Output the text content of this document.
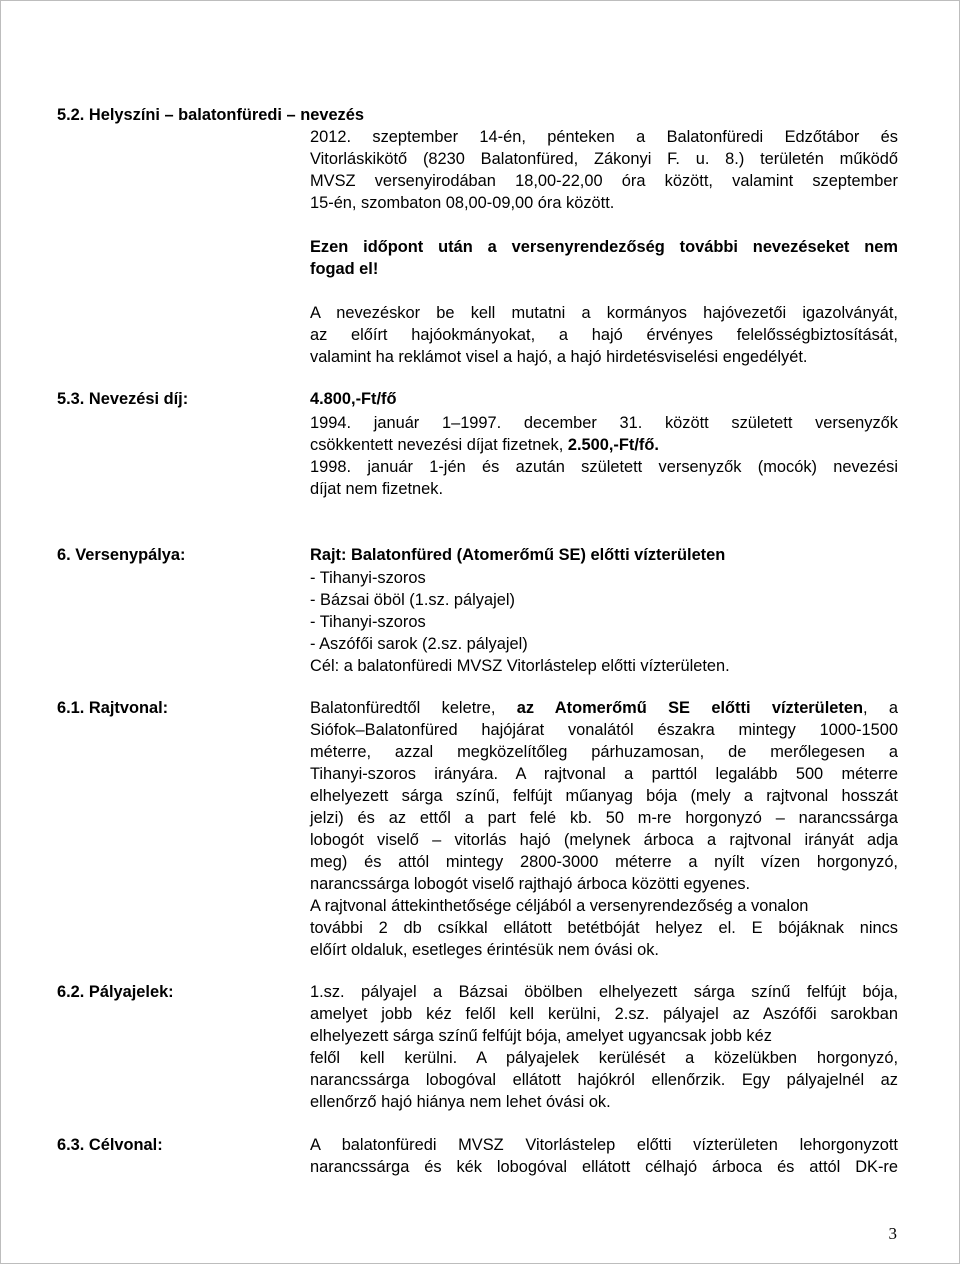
5.2. Helyszíni – balatonfüredi – nevezés
2012. szeptember 14-én, pénteken a Balatonfüredi Edzőtábor és
Vitorláskikötő (8230 Balatonfüred, Zákonyi F. u. 8.) területén működő
MVSZ versenyirodában 18,00-22,00 óra között, valamint szeptember
15-én, szombaton 08,00-09,00 óra között.
Ezen időpont után a versenyrendezőség további nevezéseket nem
fogad el!
A nevezéskor be kell mutatni a kormányos hajóvezetői igazolványát,
az előírt hajóokmányokat, a hajó érvényes felelősségbiztosítását,
valamint ha reklámot visel a hajó, a hajó hirdetésviselési engedélyét.
5.3. Nevezési díj:	4.800,-Ft/fő
1994. január 1–1997. december 31. között született versenyzők
csökkentett nevezési díjat fizetnek, 2.500,-Ft/fő.
1998. január 1-jén és azután született versenyzők (mocók) nevezési
díjat nem fizetnek.
6. Versenypálya:	Rajt: Balatonfüred (Atomerőmű SE) előtti vízterületen
- Tihanyi-szoros
- Bázsai öböl (1.sz. pályajel)
- Tihanyi-szoros
- Aszófői sarok (2.sz. pályajel)
Cél: a balatonfüredi MVSZ Vitorlástelep előtti vízterületen.
6.1. Rajtvonal:	Balatonfüredtől keletre, az Atomerőmű SE előtti vízterületen, a
Siófok–Balatonfüred hajójárat vonalától északra mintegy 1000-1500
méterre, azzal megközelítőleg párhuzamosan, de merőlegesen a
Tihanyi-szoros irányára. A rajtvonal a parttól legalább 500 méterre
elhelyezett sárga színű, felfújt műanyag bója (mely a rajtvonal hosszát
jelzi) és az ettől a part felé kb. 50 m-re horgonyzó – narancssárga
lobogót viselő – vitorlás hajó (melynek árboca a rajtvonal irányát adja
meg) és attól mintegy 2800-3000 méterre a nyílt vízen horgonyzó,
narancssárga lobogót viselő rajthajó árboca közötti egyenes.
A rajtvonal áttekinthetősége céljából a versenyrendezőség a vonalon
további 2 db csíkkal ellátott betétbóját helyez el. E bójáknak nincs
előírt oldaluk, esetleges érintésük nem óvási ok.
6.2. Pályajelek:	1.sz. pályajel a Bázsai öbölben elhelyezett sárga színű felfújt bója,
amelyet jobb kéz felől kell kerülni, 2.sz. pályajel az Aszófői sarokban
elhelyezett sárga színű felfújt bója, amelyet ugyancsak jobb kéz
felől kell kerülni. A pályajelek kerülését a közelükben horgonyzó,
narancssárga lobogóval ellátott hajókról ellenőrzik. Egy pályajelnél az
ellenőrző hajó hiánya nem lehet óvási ok.
6.3. Célvonal:	A balatonfüredi MVSZ Vitorlástelep előtti vízterületen lehorgonyzott
narancssárga és kék lobogóval ellátott célhajó árboca és attól DK-re
3
